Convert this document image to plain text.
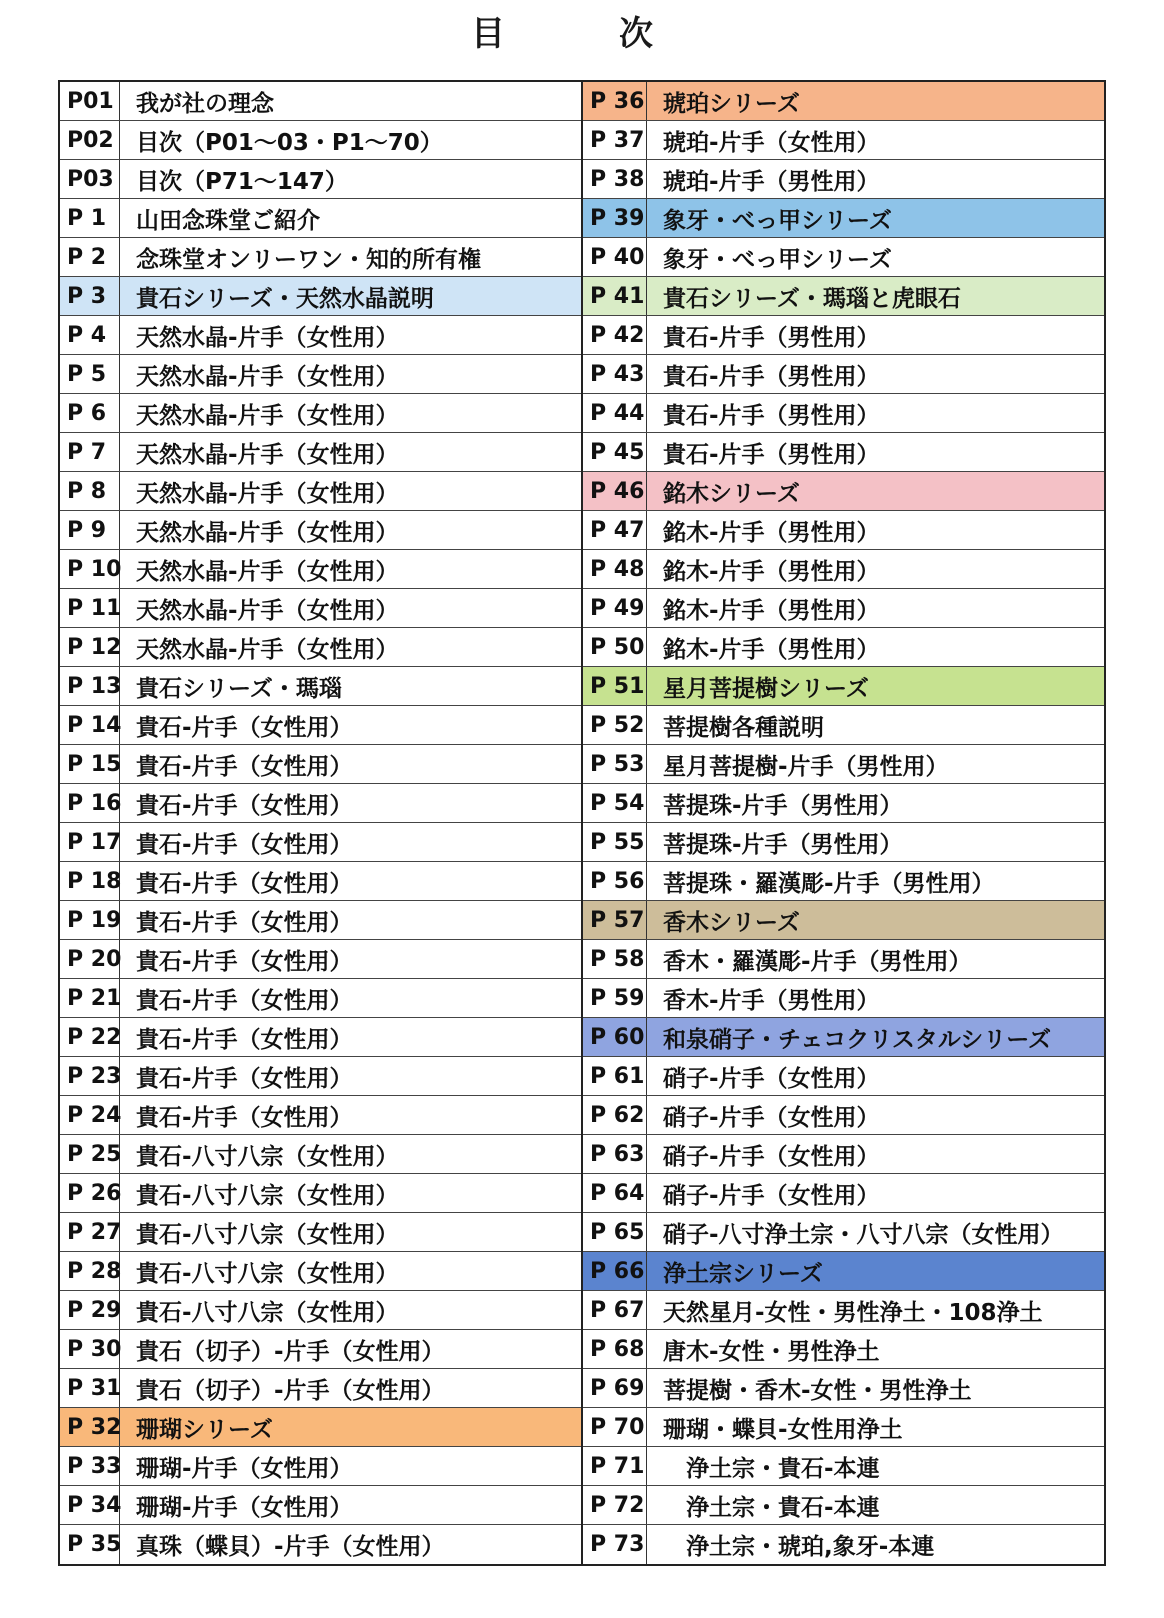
目　次
P01 我が社の理念
P02 目次（P01～03・P1～70）
P03 目次（P71～147）
P 1	山田念珠堂ご紹介
P 2	念珠堂オンリーワン・知的所有権
P 3	貴石シリーズ・天然水晶説明
P 4	天然水晶-片手（女性用）
P 5	天然水晶-片手（女性用）
P 6	天然水晶-片手（女性用）
P 7	天然水晶-片手（女性用）
P 8	天然水晶-片手（女性用）
P 9	天然水晶-片手（女性用）
P 10 天然水晶-片手（女性用）
P 11 天然水晶-片手（女性用）
P 12 天然水晶-片手（女性用）
P 13 貴石シリーズ・瑪瑙
P 14 貴石-片手（女性用）
P 15 貴石-片手（女性用）
P 16 貴石-片手（女性用）
P 17 貴石-片手（女性用）
P 18 貴石-片手（女性用）
P 19 貴石-片手（女性用）
P 20 貴石-片手（女性用）
P 21 貴石-片手（女性用）
P 22 貴石-片手（女性用）
P 23 貴石-片手（女性用）
P 24 貴石-片手（女性用）
P 25 貴石-八寸八宗（女性用）
P 26 貴石-八寸八宗（女性用）
P 27 貴石-八寸八宗（女性用）
P 28 貴石-八寸八宗（女性用）
P 29 貴石-八寸八宗（女性用）
P 30 貴石（切子）-片手（女性用）
P 31 貴石（切子）-片手（女性用）
P 32 珊瑚シリーズ
P 33 珊瑚-片手（女性用）
P 34 珊瑚-片手（女性用）
P 35 真珠（蝶貝）-片手（女性用）
P 36 琥珀シリーズ
P 37 琥珀-片手（女性用）
P 38 琥珀-片手（男性用）
P 39 象牙・べっ甲シリーズ
P 40 象牙・べっ甲シリーズ
P 41 貴石シリーズ・瑪瑙と虎眼石
P 42 貴石-片手（男性用）
P 43 貴石-片手（男性用）
P 44 貴石-片手（男性用）
P 45 貴石-片手（男性用）
P 46 銘木シリーズ
P 47 銘木-片手（男性用）
P 48 銘木-片手（男性用）
P 49 銘木-片手（男性用）
P 50 銘木-片手（男性用）
P 51 星月菩提樹シリーズ
P 52 菩提樹各種説明
P 53 星月菩提樹-片手（男性用）
P 54 菩提珠-片手（男性用）
P 55 菩提珠-片手（男性用）
P 56 菩提珠・羅漢彫-片手（男性用）
P 57 香木シリーズ
P 58 香木・羅漢彫-片手（男性用）
P 59 香木-片手（男性用）
P 60 和泉硝子・チェコクリスタルシリーズ
P 61 硝子-片手（女性用）
P 62 硝子-片手（女性用）
P 63 硝子-片手（女性用）
P 64 硝子-片手（女性用）
P 65 硝子-八寸浄土宗・八寸八宗（女性用）
P 66 浄土宗シリーズ
P 67 天然星月-女性・男性浄土・108浄土
P 68 唐木-女性・男性浄土
P 69 菩提樹・香木-女性・男性浄土
P 70 珊瑚・蝶貝-女性用浄土
P 71 　浄土宗・貴石-本連
P 72 　浄土宗・貴石-本連
P 73 　浄土宗・琥珀,象牙-本連
